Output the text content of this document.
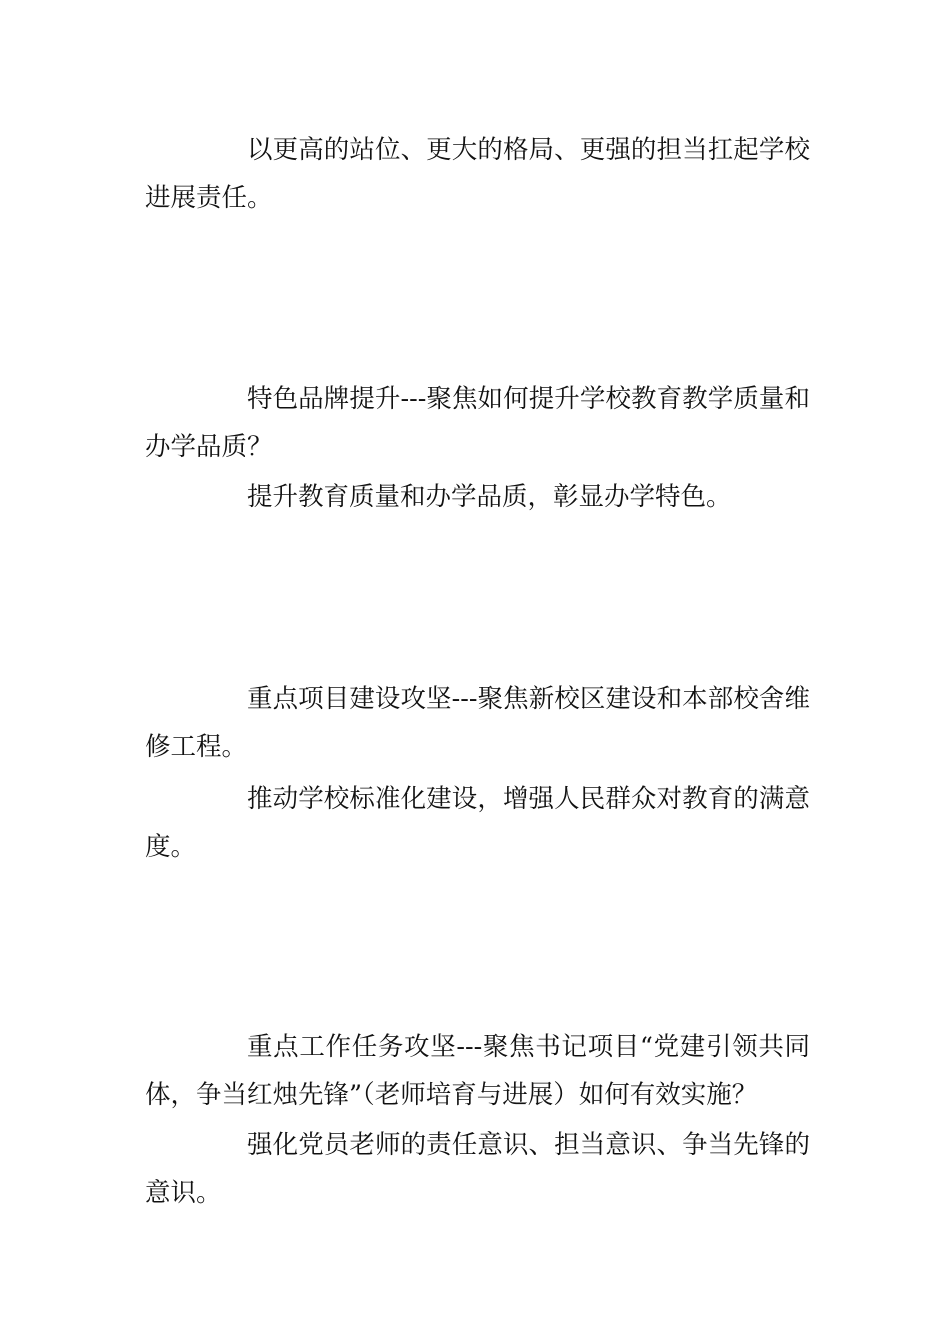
以更高的站位、更大的格局、更强的担当扛起学校进展责任。

特色品牌提升---聚焦如何提升学校教育教学质量和办学品质？

提升教育质量和办学品质，彰显办学特色。

重点项目建设攻坚---聚焦新校区建设和本部校舍维修工程。

推动学校标准化建设，增强人民群众对教育的满意度。

重点工作任务攻坚---聚焦书记项目“党建引领共同体，争当红烛先锋”（老师培育与进展）如何有效实施？

强化党员老师的责任意识、担当意识、争当先锋的意识。
